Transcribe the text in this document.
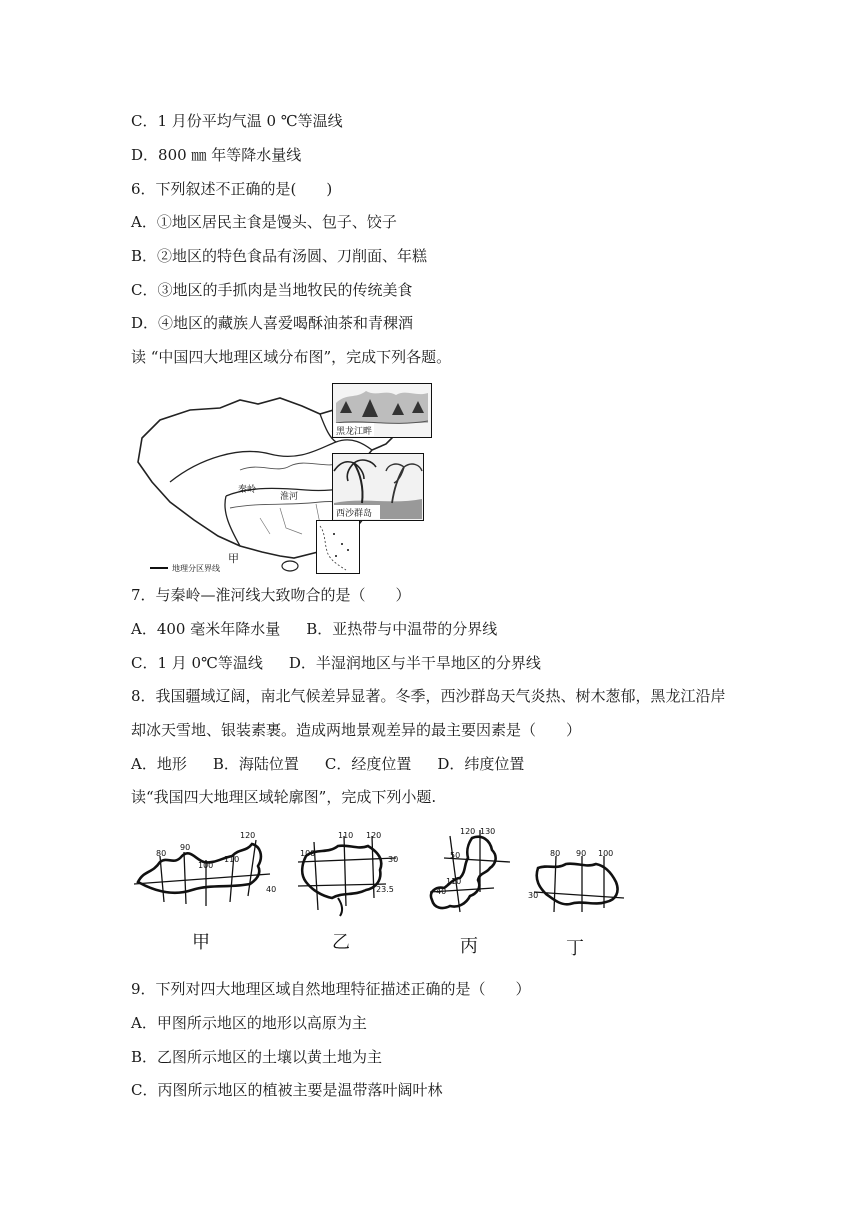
C．1 月份平均气温 0 ℃等温线
D．800 ㎜ 年等降水量线
6．下列叙述不正确的是(　　)
A．①地区居民主食是馒头、包子、饺子
B．②地区的特色食品有汤圆、刀削面、年糕
C．③地区的手抓肉是当地牧民的传统美食
D．④地区的藏族人喜爱喝酥油茶和青稞酒
读 “中国四大地理区域分布图”，完成下列各题。
秦岭
淮河
甲
地理分区界线
黑龙江畔
西沙群岛
7．与秦岭—淮河线大致吻合的是（　　）
A．400 毫米年降水量 B．亚热带与中温带的分界线
C．1 月 0℃等温线 D．半湿润地区与半干旱地区的分界线
8．我国疆域辽阔，南北气候差异显著。冬季，西沙群岛天气炎热、树木葱郁，黑龙江沿岸
却冰天雪地、银装素裹。造成两地景观差异的最主要因素是（　　）
A．地形 B．海陆位置 C．经度位置 D．纬度位置
读“我国四大地理区域轮廓图”，完成下列小题.
80
90
100
110
120
40
甲
110 120
100
30
23.5
乙
120 130
50
110
40
丙
80 90 100
30
丁
9．下列对四大地理区域自然地理特征描述正确的是（　　）
A．甲图所示地区的地形以高原为主
B．乙图所示地区的土壤以黄土地为主
C．丙图所示地区的植被主要是温带落叶阔叶林
